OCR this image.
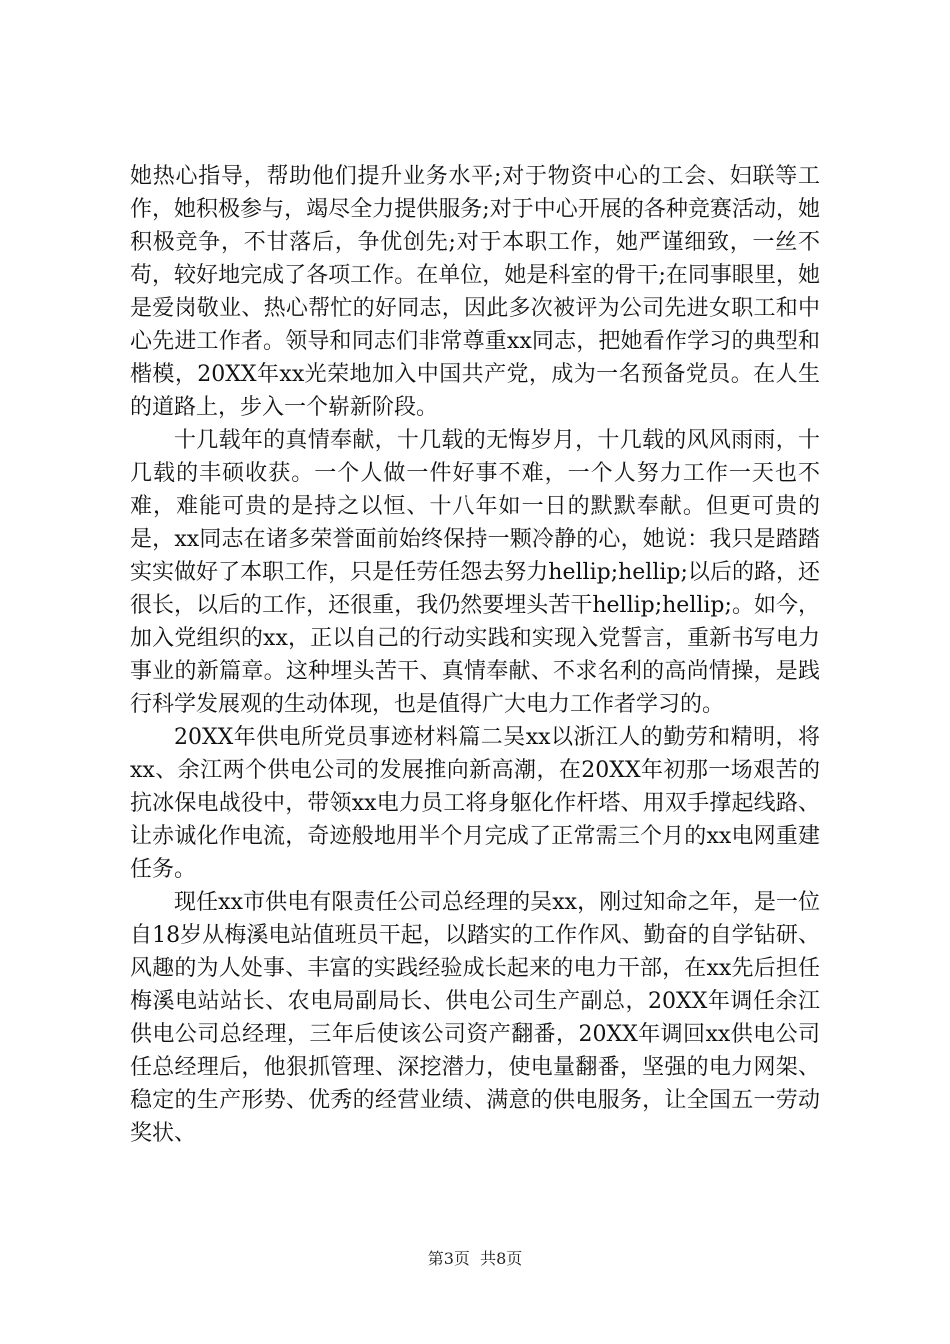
她热心指导，帮助他们提升业务水平;对于物资中心的工会、妇联等工作，她积极参与，竭尽全力提供服务;对于中心开展的各种竞赛活动，她积极竞争，不甘落后，争优创先;对于本职工作，她严谨细致，一丝不苟，较好地完成了各项工作。在单位，她是科室的骨干;在同事眼里，她是爱岗敬业、热心帮忙的好同志，因此多次被评为公司先进女职工和中心先进工作者。领导和同志们非常尊重xx同志，把她看作学习的典型和楷模，20XX年xx光荣地加入中国共产党，成为一名预备党员。在人生的道路上，步入一个崭新阶段。

十几载年的真情奉献，十几载的无悔岁月，十几载的风风雨雨，十几载的丰硕收获。一个人做一件好事不难，一个人努力工作一天也不难，难能可贵的是持之以恒、十八年如一日的默默奉献。但更可贵的是，xx同志在诸多荣誉面前始终保持一颗冷静的心，她说：我只是踏踏实实做好了本职工作，只是任劳任怨去努力hellip;hellip;以后的路，还很长，以后的工作，还很重，我仍然要埋头苦干hellip;hellip;。如今，加入党组织的xx，正以自己的行动实践和实现入党誓言，重新书写电力事业的新篇章。这种埋头苦干、真情奉献、不求名利的高尚情操，是践行科学发展观的生动体现，也是值得广大电力工作者学习的。

20XX年供电所党员事迹材料篇二吴xx以浙江人的勤劳和精明，将xx、余江两个供电公司的发展推向新高潮，在20XX年初那一场艰苦的抗冰保电战役中，带领xx电力员工将身躯化作杆塔、用双手撑起线路、让赤诚化作电流，奇迹般地用半个月完成了正常需三个月的xx电网重建任务。

现任xx市供电有限责任公司总经理的吴xx，刚过知命之年，是一位自18岁从梅溪电站值班员干起，以踏实的工作作风、勤奋的自学钻研、风趣的为人处事、丰富的实践经验成长起来的电力干部，在xx先后担任梅溪电站站长、农电局副局长、供电公司生产副总，20XX年调任余江供电公司总经理，三年后使该公司资产翻番，20XX年调回xx供电公司任总经理后，他狠抓管理、深挖潜力，使电量翻番，坚强的电力网架、稳定的生产形势、优秀的经营业绩、满意的供电服务，让全国五一劳动奖状、

第3页  共8页
